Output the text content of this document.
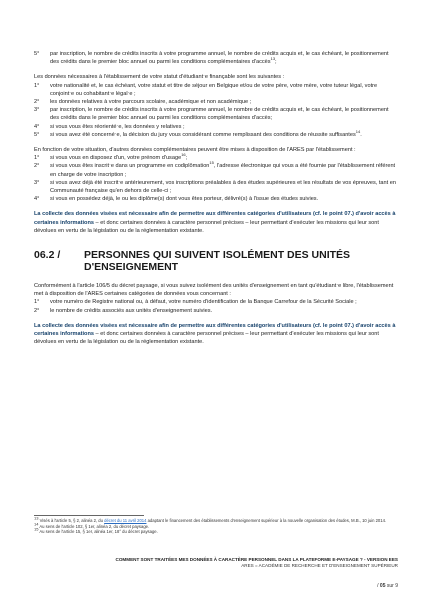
5°	par inscription, le nombre de crédits inscrits à votre programme annuel, le nombre de crédits acquis et, le cas échéant, le positionnement des crédits dans le premier bloc annuel ou parmi les conditions complémentaires d'accès$^{13}$;

Les données nécessaires à l'établissement de votre statut d'étudiant⋅e finançable sont les suivantes :

1°	votre nationalité et, le cas échéant, votre statut et titre de séjour en Belgique et/ou de votre père, votre mère, votre tuteur légal, votre conjoint⋅e ou cohabitant⋅e légal⋅e ;
2°	les données relatives à votre parcours scolaire, académique et non académique ;
3°	par inscription, le nombre de crédits inscrits à votre programme annuel, le nombre de crédits acquis et, le cas échéant, le positionnement des crédits dans le premier bloc annuel ou parmi les conditions complémentaires d'accès;
4°	si vous vous êtes réorienté⋅e, les données y relatives ;
5°	si vous avez été concerné⋅e, la décision du jury vous considérant comme remplissant des conditions de réussite suffisantes$^{14}$.

En fonction de votre situation, d'autres données complémentaires peuvent être mises à disposition de l'ARES par l'établissement :

1°	si vous vous en disposez d'un, votre prénom d'usage$^{16}$;
2°	si vous vous êtes inscrit⋅e dans un programme en codiplômation$^{15}$, l'adresse électronique qui vous a été fournie par l'établissement référent en charge de votre inscription ;
3°	si vous avez déjà été inscrit⋅e antérieurement, vos inscriptions préalables à des études supérieures et les résultats de vos épreuves, tant en Communauté française qu'en dehors de celle-ci ;
4°	si vous en possédez déjà, le ou les diplôme(s) dont vous êtes porteur, délivré(s) à l'issue des études suivies.

La collecte des données visées est nécessaire afin de permettre aux différentes catégories d'utilisateurs (cf. le point 07.) d'avoir accès à certaines informations – et donc certaines données à caractère personnel précises – leur permettant d'exécuter les missions qui leur sont dévolues en vertu de la législation ou de la réglementation existante.

06.2 /	PERSONNES QUI SUIVENT ISOLÉMENT DES UNITÉS D'ENSEIGNEMENT

Conformément à l'article 106/5 du décret paysage, si vous suivez isolément des unités d'enseignement en tant qu'étudiant⋅e libre, l'établissement met à disposition de l'ARES certaines catégories de données vous concernant :

1°	votre numéro de Registre national ou, à défaut, votre numéro d'identification de la Banque Carrefour de la Sécurité Sociale ;
2°	le nombre de crédits associés aux unités d'enseignement suivies.

La collecte des données visées est nécessaire afin de permettre aux différentes catégories d'utilisateurs (cf. le point 07.) d'avoir accès à certaines informations – et donc certaines données à caractère personnel précises – leur permettant d'exécuter les missions qui leur sont dévolues en vertu de la législation ou de la réglementation existante.

$^{13}$ Visés à l'article 5, § 2, alinéa 2, du décret du 11 avril 2014 adaptant le financement des établissements d'enseignement supérieur à la nouvelle organisation des études, M.B., 10 juin 2014.
$^{14}$ Au sens de l'article 102, § 1er, alinéa 2, du décret paysage.
$^{15}$ Au sens de l'article 15, § 1er, alinéa 1er, 18° du décret paysage.
COMMENT SONT TRAITÉES MES DONNÉES À CARACTÈRE PERSONNEL DANS LA PLATEFORME E-PAYSAGE ? - VERSION EES
ARES = ACADÉMIE DE RECHERCHE ET D'ENSEIGNEMENT SUPÉRIEUR
/ 05 sur 9
